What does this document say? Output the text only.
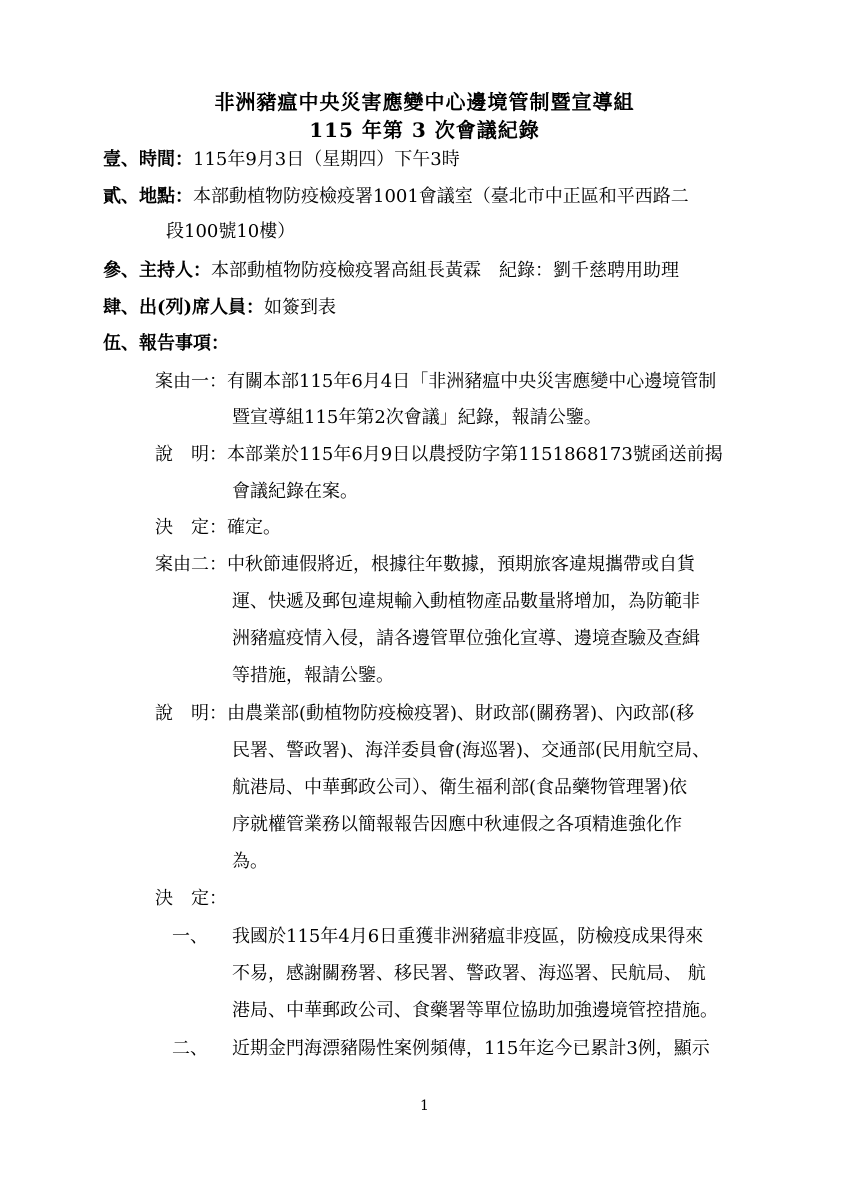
非洲豬瘟中央災害應變中心邊境管制暨宣導組
115 年第 3 次會議紀錄
壹、時間：115年9月3日（星期四）下午3時
貳、地點：本部動植物防疫檢疫署1001會議室（臺北市中正區和平西路二
段100號10樓）
參、主持人：本部動植物防疫檢疫署高組長黃霖　紀錄：劉千慈聘用助理
肆、出(列)席人員：如簽到表
伍、報告事項：
案由一：有關本部115年6月4日「非洲豬瘟中央災害應變中心邊境管制
暨宣導組115年第2次會議」紀錄，報請公鑒。
說　明：本部業於115年6月9日以農授防字第1151868173號函送前揭
會議紀錄在案。
決　定：確定。
案由二：中秋節連假將近，根據往年數據，預期旅客違規攜帶或自貨
運、快遞及郵包違規輸入動植物產品數量將增加，為防範非
洲豬瘟疫情入侵，請各邊管單位強化宣導、邊境查驗及查緝
等措施，報請公鑒。
說　明：由農業部(動植物防疫檢疫署)、財政部(關務署)、內政部(移
民署、警政署)、海洋委員會(海巡署)、交通部(民用航空局、
航港局、中華郵政公司）、衛生福利部(食品藥物管理署)依
序就權管業務以簡報報告因應中秋連假之各項精進強化作
為。
決　定：
一、 我國於115年4月6日重獲非洲豬瘟非疫區，防檢疫成果得來
不易，感謝關務署、移民署、警政署、海巡署、民航局、 航
港局、中華郵政公司、食藥署等單位協助加強邊境管控措施。
二、 近期金門海漂豬陽性案例頻傳，115年迄今已累計3例，顯示
1
